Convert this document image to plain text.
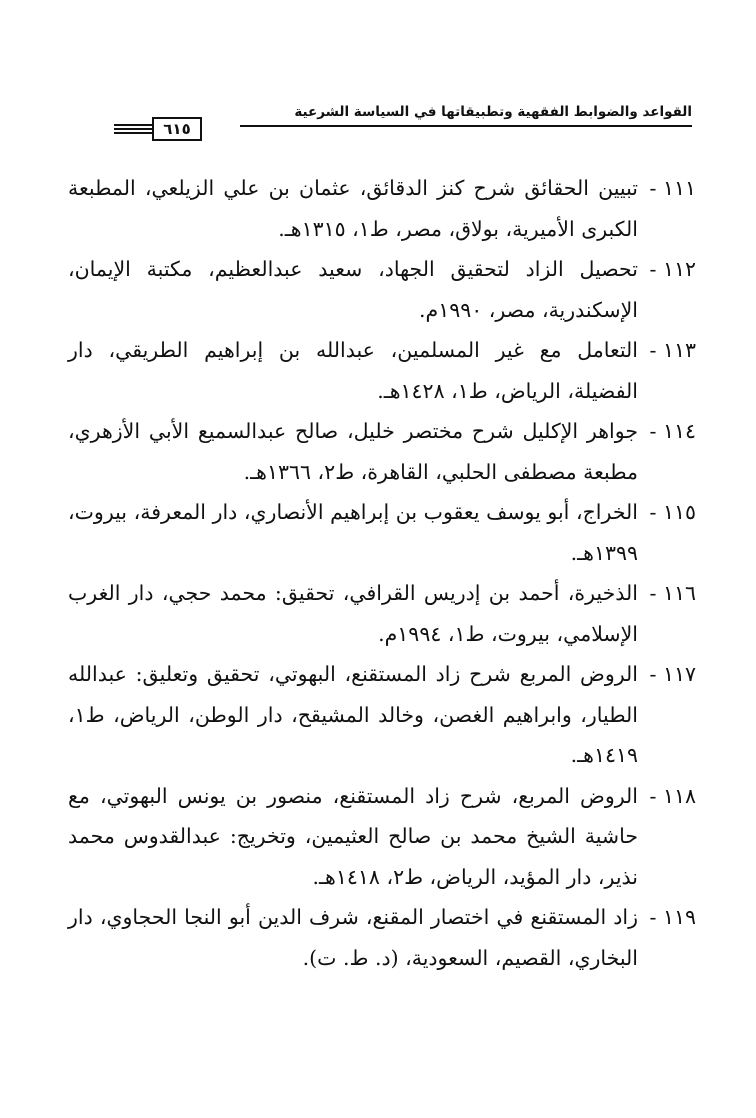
القواعد والضوابط الفقهية وتطبيقاتها في السياسة الشرعية
٦١٥
١١١ -تبيين الحقائق شرح كنز الدقائق، عثمان بن علي الزيلعي، المطبعة الكبرى الأميرية، بولاق، مصر، ط١، ١٣١٥هـ.
١١٢ -تحصيل الزاد لتحقيق الجهاد، سعيد عبدالعظيم، مكتبة الإيمان، الإسكندرية، مصر، ١٩٩٠م.
١١٣ -التعامل مع غير المسلمين، عبدالله بن إبراهيم الطريقي، دار الفضيلة، الرياض، ط١، ١٤٢٨هـ.
١١٤ -جواهر الإكليل شرح مختصر خليل، صالح عبدالسميع الأبي الأزهري، مطبعة مصطفى الحلبي، القاهرة، ط٢، ١٣٦٦هـ.
١١٥ -الخراج، أبو يوسف يعقوب بن إبراهيم الأنصاري، دار المعرفة، بيروت، ١٣٩٩هـ.
١١٦ -الذخيرة، أحمد بن إدريس القرافي، تحقيق: محمد حجي، دار الغرب الإسلامي، بيروت، ط١، ١٩٩٤م.
١١٧ -الروض المربع شرح زاد المستقنع، البهوتي، تحقيق وتعليق: عبدالله الطيار، وابراهيم الغصن، وخالد المشيقح، دار الوطن، الرياض، ط١، ١٤١٩هـ.
١١٨ -الروض المربع، شرح زاد المستقنع، منصور بن يونس البهوتي، مع حاشية الشيخ محمد بن صالح العثيمين، وتخريج: عبدالقدوس محمد نذير، دار المؤيد، الرياض، ط٢، ١٤١٨هـ.
١١٩ -زاد المستقنع في اختصار المقنع، شرف الدين أبو النجا الحجاوي، دار البخاري، القصيم، السعودية، (د. ط. ت).
